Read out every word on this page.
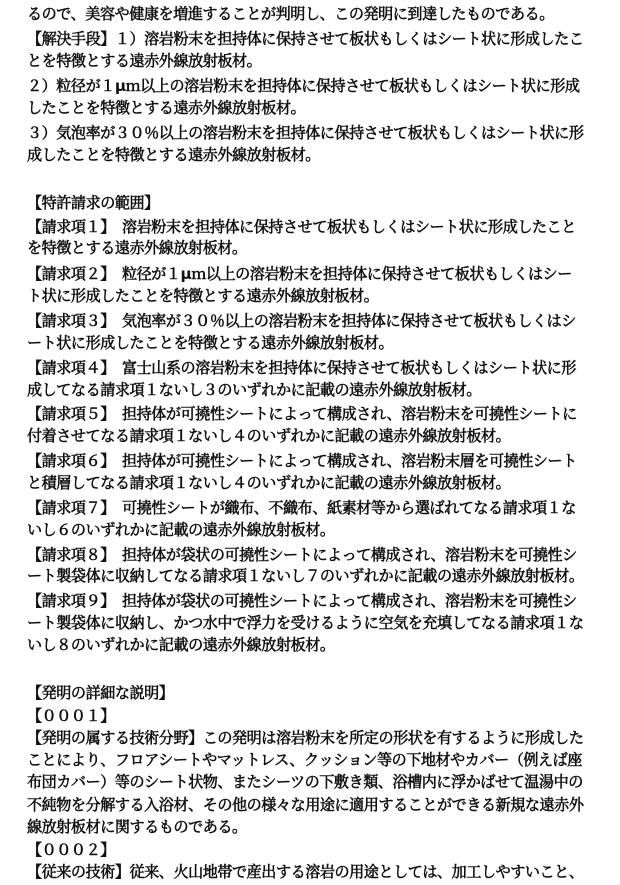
るので、美容や健康を増進することが判明し、この発明に到達したものである。
【解決手段】１）溶岩粉末を担持体に保持させて板状もしくはシート状に形成したこ
とを特徴とする遠赤外線放射板材。
２）粒径が１μｍ以上の溶岩粉末を担持体に保持させて板状もしくはシート状に形成
したことを特徴とする遠赤外線放射板材。
３）気泡率が３０％以上の溶岩粉末を担持体に保持させて板状もしくはシート状に形
成したことを特徴とする遠赤外線放射板材。
【特許請求の範囲】
【請求項１】　溶岩粉末を担持体に保持させて板状もしくはシート状に形成したこと
を特徴とする遠赤外線放射板材。
【請求項２】　粒径が１μｍ以上の溶岩粉末を担持体に保持させて板状もしくはシー
ト状に形成したことを特徴とする遠赤外線放射板材。
【請求項３】　気泡率が３０％以上の溶岩粉末を担持体に保持させて板状もしくはシ
ート状に形成したことを特徴とする遠赤外線放射板材。
【請求項４】　富士山系の溶岩粉末を担持体に保持させて板状もしくはシート状に形
成してなる請求項１ないし３のいずれかに記載の遠赤外線放射板材。
【請求項５】　担持体が可撓性シートによって構成され、溶岩粉末を可撓性シートに
付着させてなる請求項１ないし４のいずれかに記載の遠赤外線放射板材。
【請求項６】　担持体が可撓性シートによって構成され、溶岩粉末層を可撓性シート
と積層してなる請求項１ないし４のいずれかに記載の遠赤外線放射板材。
【請求項７】　可撓性シートが織布、不織布、紙素材等から選ばれてなる請求項１な
いし６のいずれかに記載の遠赤外線放射板材。
【請求項８】　担持体が袋状の可撓性シートによって構成され、溶岩粉末を可撓性シ
ート製袋体に収納してなる請求項１ないし７のいずれかに記載の遠赤外線放射板材。
【請求項９】　担持体が袋状の可撓性シートによって構成され、溶岩粉末を可撓性シ
ート製袋体に収納し、かつ水中で浮力を受けるように空気を充填してなる請求項１な
いし８のいずれかに記載の遠赤外線放射板材。
【発明の詳細な説明】
【０００１】
【発明の属する技術分野】この発明は溶岩粉末を所定の形状を有するように形成した
ことにより、フロアシートやマットレス、クッション等の下地材やカバー（例えば座
布団カバー）等のシート状物、またシーツの下敷き類、浴槽内に浮かばせて温湯中の
不純物を分解する入浴材、その他の様々な用途に適用することができる新規な遠赤外
線放射板材に関するものである。
【０００２】
【従来の技術】従来、火山地帯で産出する溶岩の用途としては、加工しやすいこと、
